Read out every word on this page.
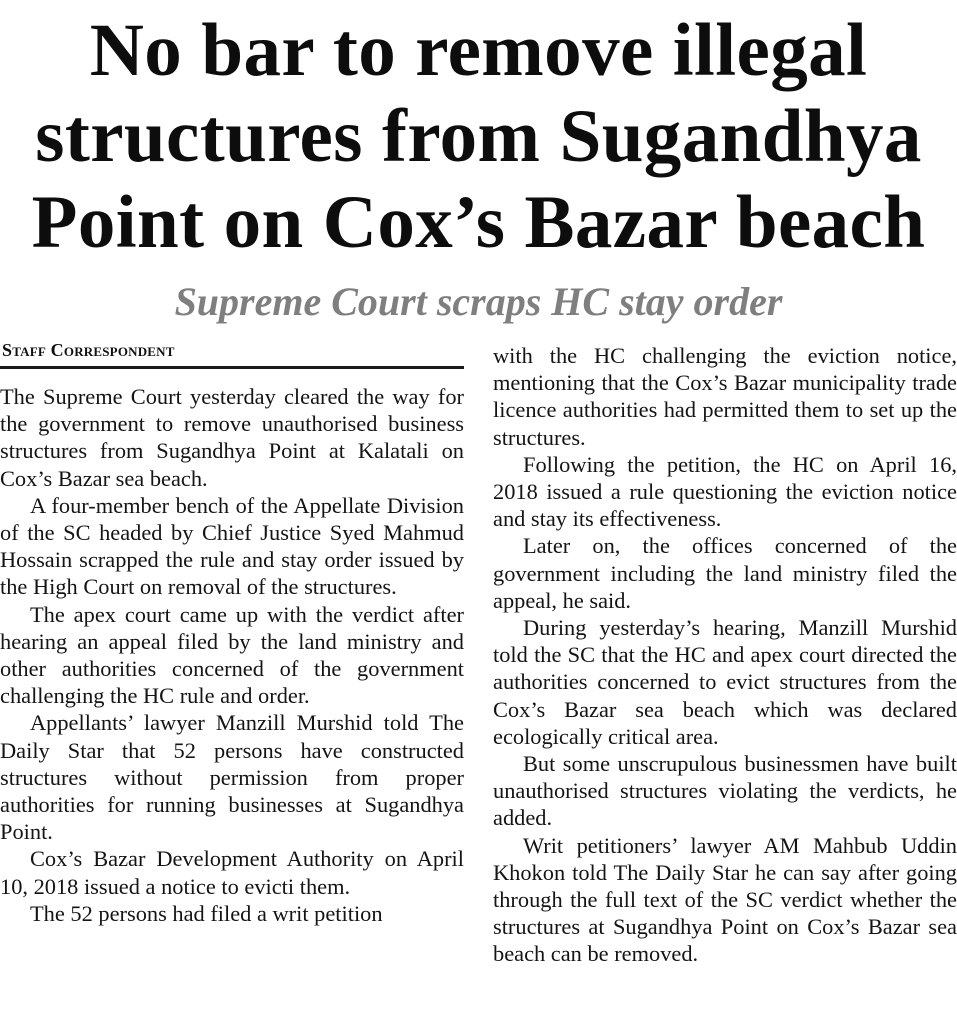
No bar to remove illegal
structures from Sugandhya
Point on Cox’s Bazar beach
Supreme Court scraps HC stay order
Staff Correspondent

The Supreme Court yesterday cleared the way for the government to remove unauthorised business structures from Sugandhya Point at Kalatali on Cox’s Bazar sea beach.

A four-member bench of the Appellate Division of the SC headed by Chief Justice Syed Mahmud Hossain scrapped the rule and stay order issued by the High Court on removal of the structures.

The apex court came up with the verdict after hearing an appeal filed by the land ministry and other authorities concerned of the government challenging the HC rule and order.

Appellants’ lawyer Manzill Murshid told The Daily Star that 52 persons have constructed structures without permission from proper authorities for running businesses at Sugandhya Point.

Cox’s Bazar Development Authority on April 10, 2018 issued a notice to evicti them.

The 52 persons had filed a writ petition

with the HC challenging the eviction notice, mentioning that the Cox’s Bazar municipality trade licence authorities had permitted them to set up the structures.

Following the petition, the HC on April 16, 2018 issued a rule questioning the eviction notice and stay its effectiveness.

Later on, the offices concerned of the government including the land ministry filed the appeal, he said.

During yesterday’s hearing, Manzill Murshid told the SC that the HC and apex court directed the authorities concerned to evict structures from the Cox’s Bazar sea beach which was declared ecologically critical area.

But some unscrupulous businessmen have built unauthorised structures violating the verdicts, he added.

Writ petitioners’ lawyer AM Mahbub Uddin Khokon told The Daily Star he can say after going through the full text of the SC verdict whether the structures at Sugandhya Point on Cox’s Bazar sea beach can be removed.
